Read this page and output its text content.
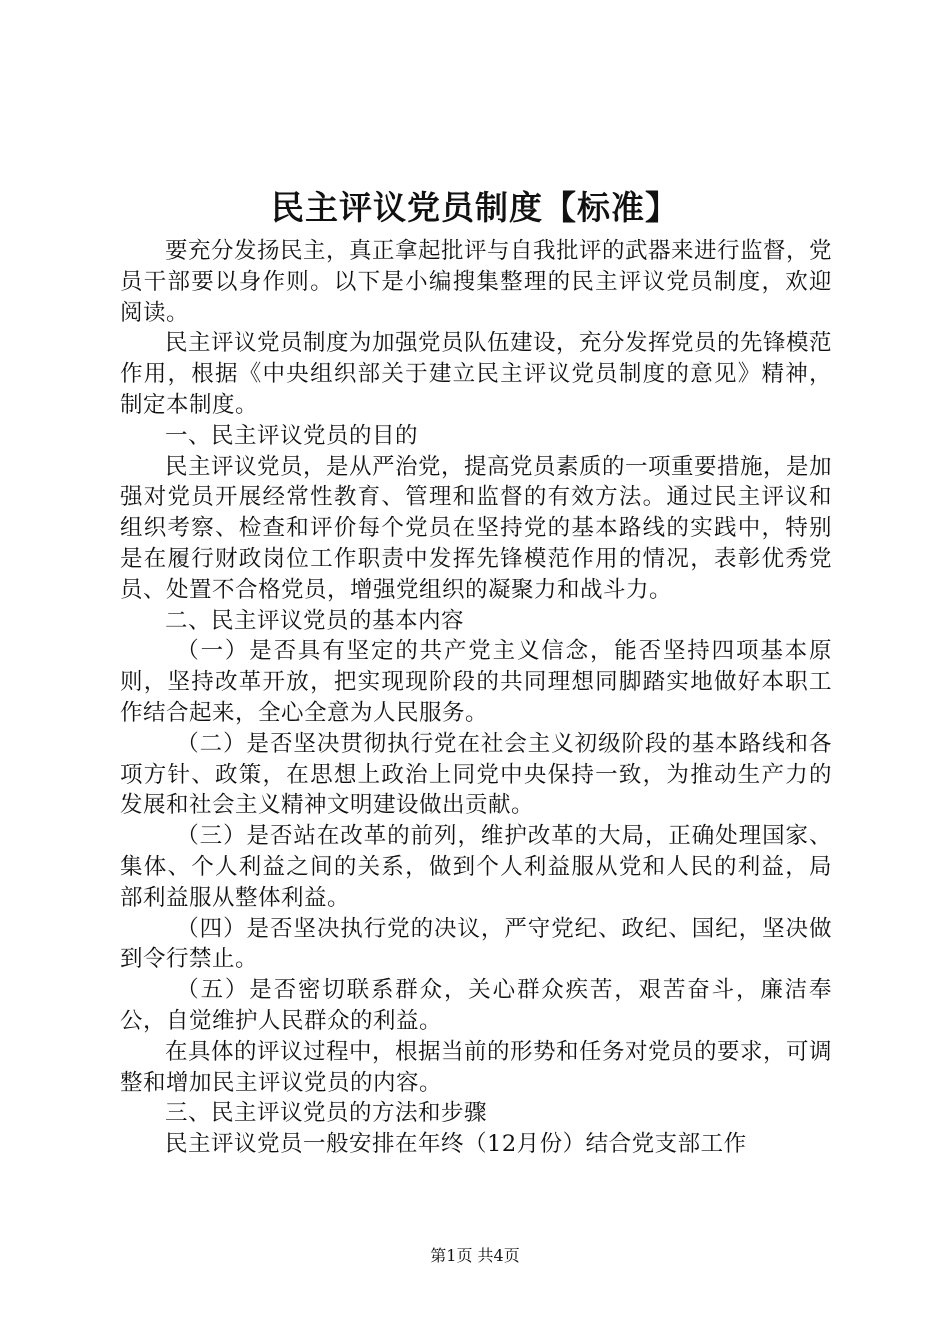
民主评议党员制度【标准】

要充分发扬民主，真正拿起批评与自我批评的武器来进行监督，党员干部要以身作则。以下是小编搜集整理的民主评议党员制度，欢迎阅读。

民主评议党员制度为加强党员队伍建设，充分发挥党员的先锋模范作用，根据《中央组织部关于建立民主评议党员制度的意见》精神，制定本制度。

一、民主评议党员的目的

民主评议党员，是从严治党，提高党员素质的一项重要措施，是加强对党员开展经常性教育、管理和监督的有效方法。通过民主评议和组织考察、检查和评价每个党员在坚持党的基本路线的实践中，特别是在履行财政岗位工作职责中发挥先锋模范作用的情况，表彰优秀党员、处置不合格党员，增强党组织的凝聚力和战斗力。

二、民主评议党员的基本内容

（一）是否具有坚定的共产党主义信念，能否坚持四项基本原则，坚持改革开放，把实现现阶段的共同理想同脚踏实地做好本职工作结合起来，全心全意为人民服务。

（二）是否坚决贯彻执行党在社会主义初级阶段的基本路线和各项方针、政策，在思想上政治上同党中央保持一致，为推动生产力的发展和社会主义精神文明建设做出贡献。

（三）是否站在改革的前列，维护改革的大局，正确处理国家、集体、个人利益之间的关系，做到个人利益服从党和人民的利益，局部利益服从整体利益。

（四）是否坚决执行党的决议，严守党纪、政纪、国纪，坚决做到令行禁止。

（五）是否密切联系群众，关心群众疾苦，艰苦奋斗，廉洁奉公，自觉维护人民群众的利益。

在具体的评议过程中，根据当前的形势和任务对党员的要求，可调整和增加民主评议党员的内容。

三、民主评议党员的方法和步骤

民主评议党员一般安排在年终（12月份）结合党支部工作

第1页 共4页
